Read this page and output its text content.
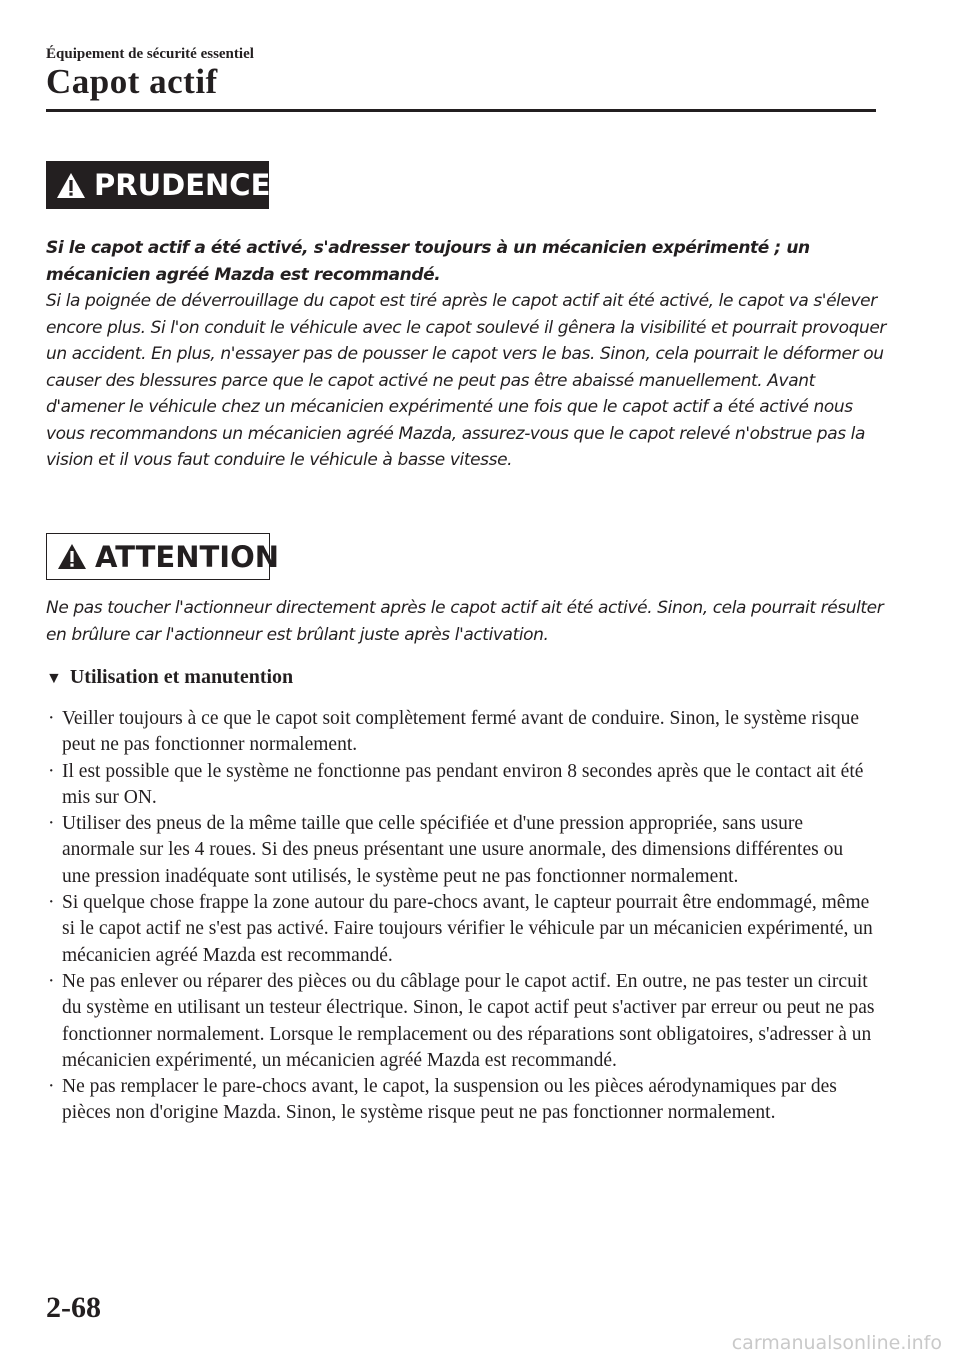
Équipement de sécurité essentiel
Capot actif
PRUDENCE

Si le capot actif a été activé, s'adresser toujours à un mécanicien expérimenté ; un mécanicien agréé Mazda est recommandé.
Si la poignée de déverrouillage du capot est tiré après le capot actif ait été activé, le capot va s'élever encore plus. Si l'on conduit le véhicule avec le capot soulevé il gênera la visibilité et pourrait provoquer un accident. En plus, n'essayer pas de pousser le capot vers le bas. Sinon, cela pourrait le déformer ou causer des blessures parce que le capot activé ne peut pas être abaissé manuellement. Avant d'amener le véhicule chez un mécanicien expérimenté une fois que le capot actif a été activé nous vous recommandons un mécanicien agréé Mazda, assurez-vous que le capot relevé n'obstrue pas la vision et il vous faut conduire le véhicule à basse vitesse.

ATTENTION

Ne pas toucher l'actionneur directement après le capot actif ait été activé. Sinon, cela pourrait résulter en brûlure car l'actionneur est brûlant juste après l'activation.

▼ Utilisation et manutention
· Veiller toujours à ce que le capot soit complètement fermé avant de conduire. Sinon, le système risque peut ne pas fonctionner normalement.
· Il est possible que le système ne fonctionne pas pendant environ 8 secondes après que le contact ait été mis sur ON.
· Utiliser des pneus de la même taille que celle spécifiée et d'une pression appropriée, sans usure anormale sur les 4 roues. Si des pneus présentant une usure anormale, des dimensions différentes ou une pression inadéquate sont utilisés, le système peut ne pas fonctionner normalement.
· Si quelque chose frappe la zone autour du pare-chocs avant, le capteur pourrait être endommagé, même si le capot actif ne s'est pas activé. Faire toujours vérifier le véhicule par un mécanicien expérimenté, un mécanicien agréé Mazda est recommandé.
· Ne pas enlever ou réparer des pièces ou du câblage pour le capot actif. En outre, ne pas tester un circuit du système en utilisant un testeur électrique. Sinon, le capot actif peut s'activer par erreur ou peut ne pas fonctionner normalement. Lorsque le remplacement ou des réparations sont obligatoires, s'adresser à un mécanicien expérimenté, un mécanicien agréé Mazda est recommandé.
· Ne pas remplacer le pare-chocs avant, le capot, la suspension ou les pièces aérodynamiques par des pièces non d'origine Mazda. Sinon, le système risque peut ne pas fonctionner normalement.
2-68
carmanualsonline.info
